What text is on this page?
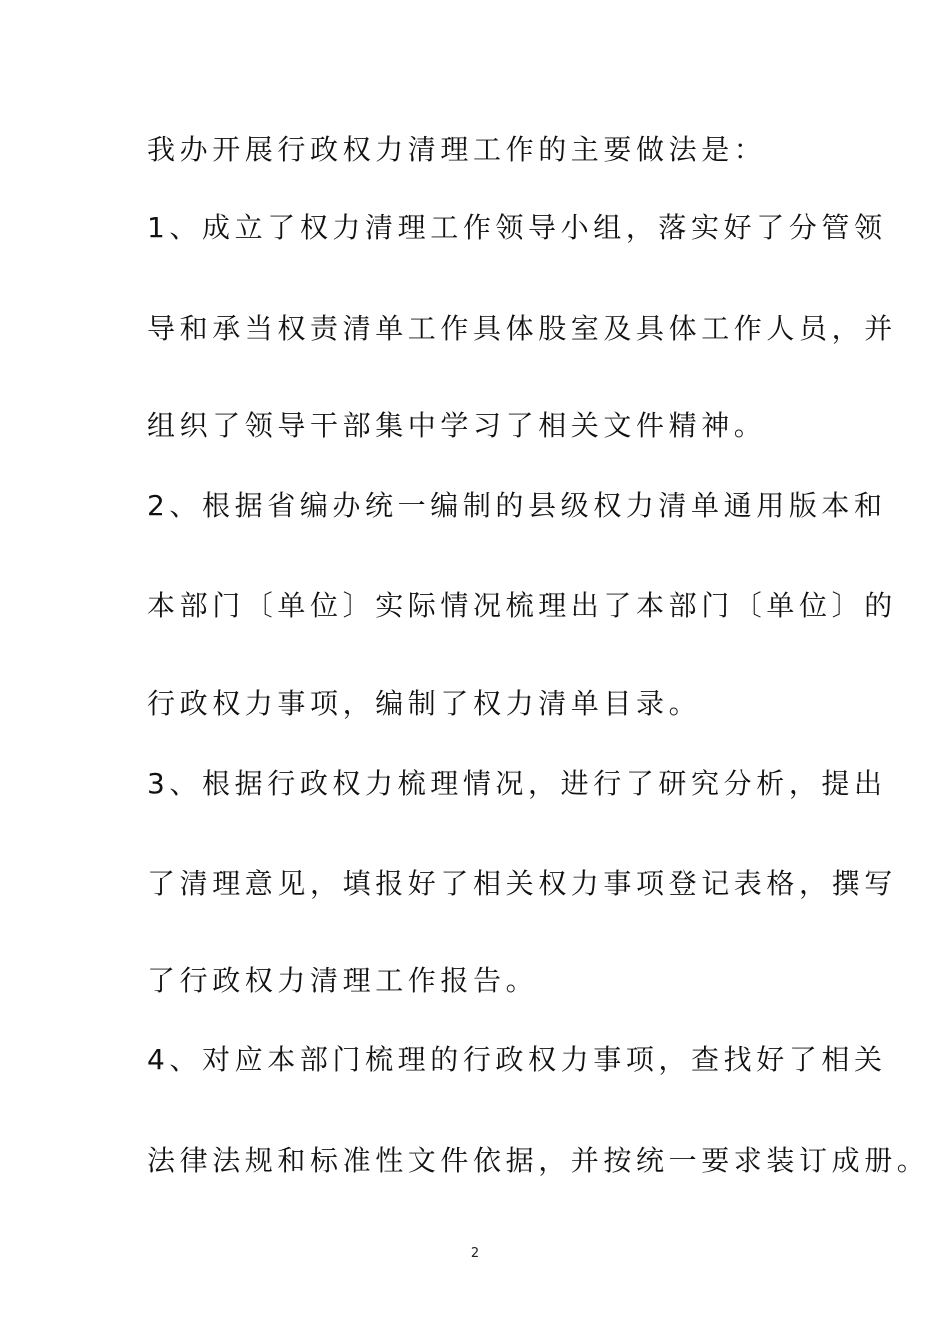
我办开展行政权力清理工作的主要做法是：
1、成立了权力清理工作领导小组，落实好了分管领
导和承当权责清单工作具体股室及具体工作人员，并
组织了领导干部集中学习了相关文件精神。
2、根据省编办统一编制的县级权力清单通用版本和
本部门〔单位〕实际情况梳理出了本部门〔单位〕的
行政权力事项，编制了权力清单目录。
3、根据行政权力梳理情况，进行了研究分析，提出
了清理意见，填报好了相关权力事项登记表格，撰写
了行政权力清理工作报告。
4、对应本部门梳理的行政权力事项，查找好了相关
法律法规和标准性文件依据，并按统一要求装订成册。
2
